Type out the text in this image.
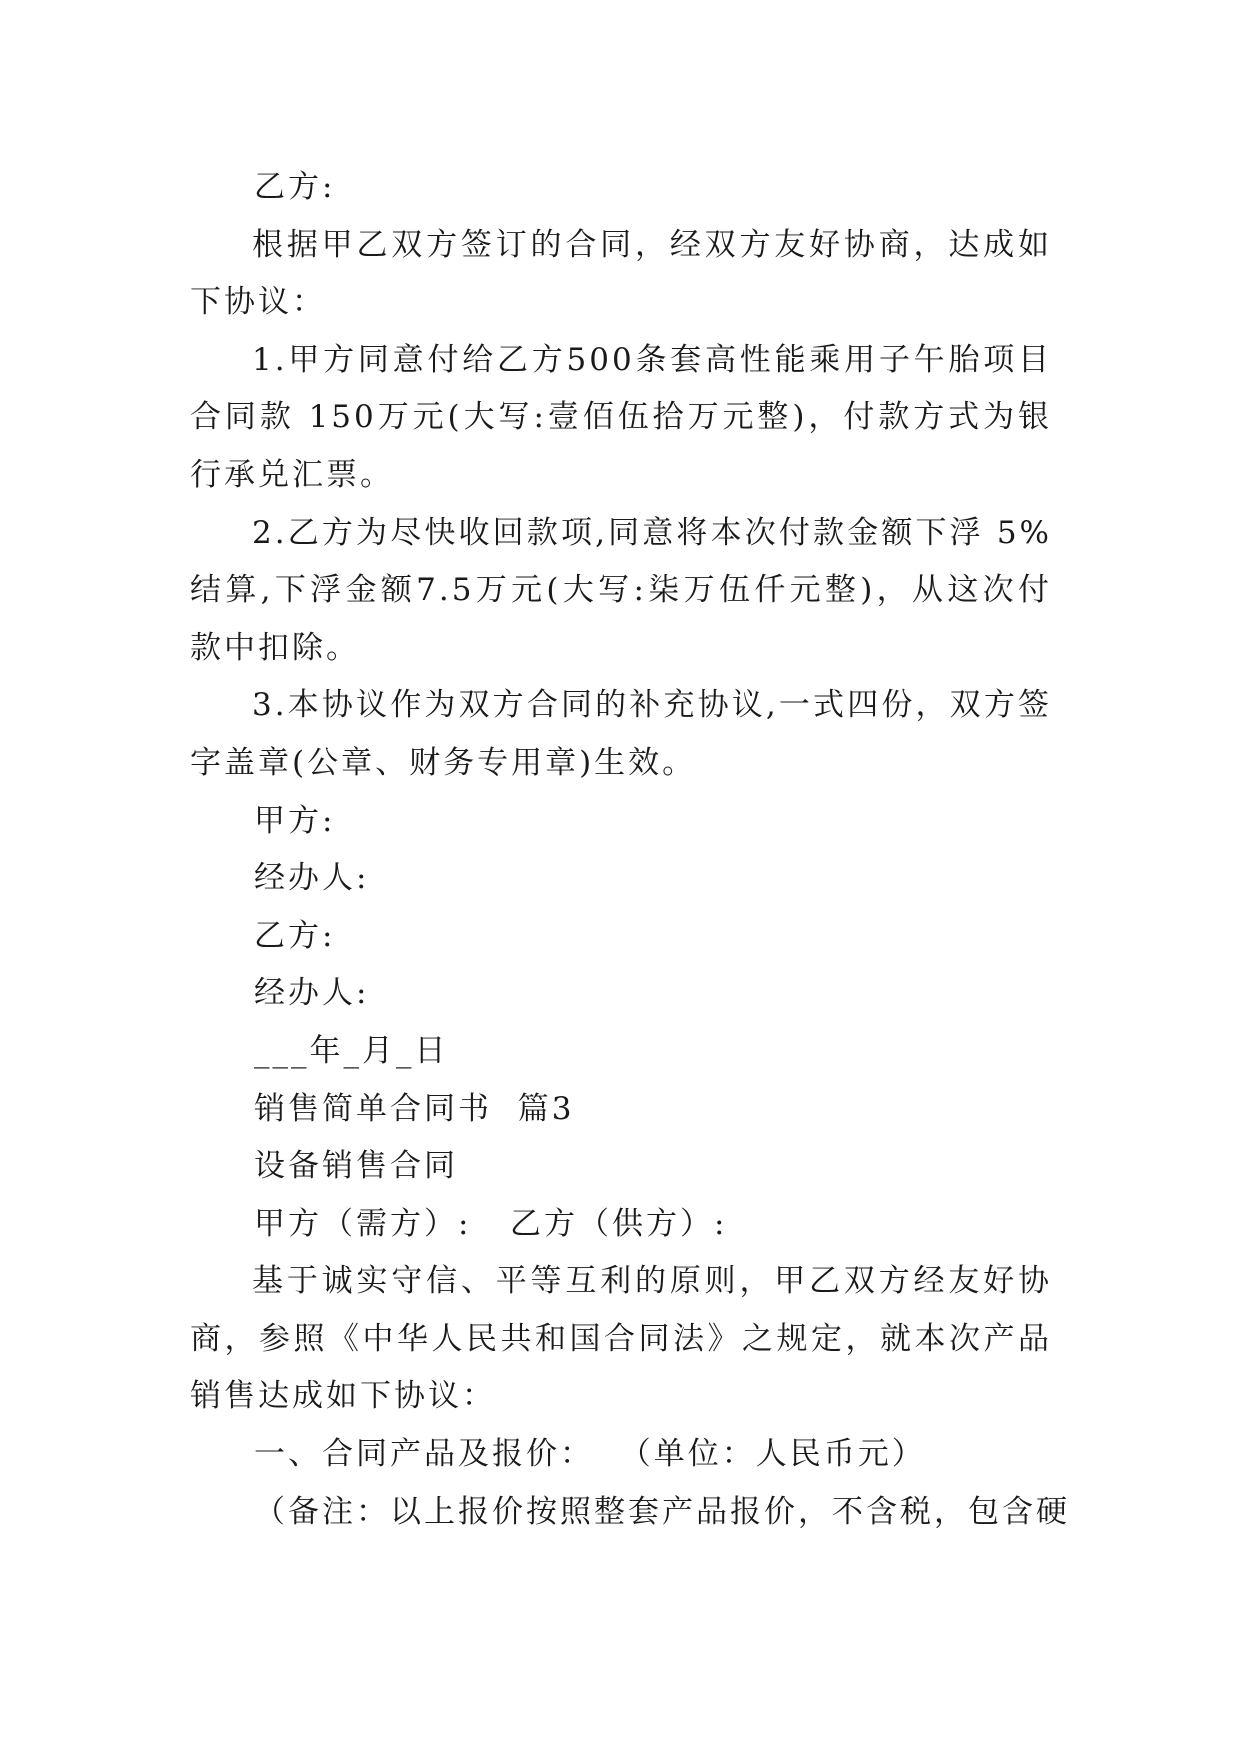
乙方:

根据甲乙双方签订的合同，经双方友好协商，达成如下协议：

1.甲方同意付给乙方500条套高性能乘用子午胎项目合同款 150万元(大写:壹佰伍拾万元整)，付款方式为银行承兑汇票。

2.乙方为尽快收回款项,同意将本次付款金额下浮 5%结算,下浮金额7.5万元(大写:柒万伍仟元整)，从这次付款中扣除。

3.本协议作为双方合同的补充协议,一式四份，双方签字盖章(公章、财务专用章)生效。

甲方:

经办人:

乙方:

经办人:

___年_月_日

销售简单合同书  篇3

设备销售合同

甲方（需方）:   乙方（供方）:

基于诚实守信、平等互利的原则，甲乙双方经友好协商，参照《中华人民共和国合同法》之规定，就本次产品销售达成如下协议：

一、合同产品及报价：  （单位：人民币元）

（备注：以上报价按照整套产品报价，不含税，包含硬
